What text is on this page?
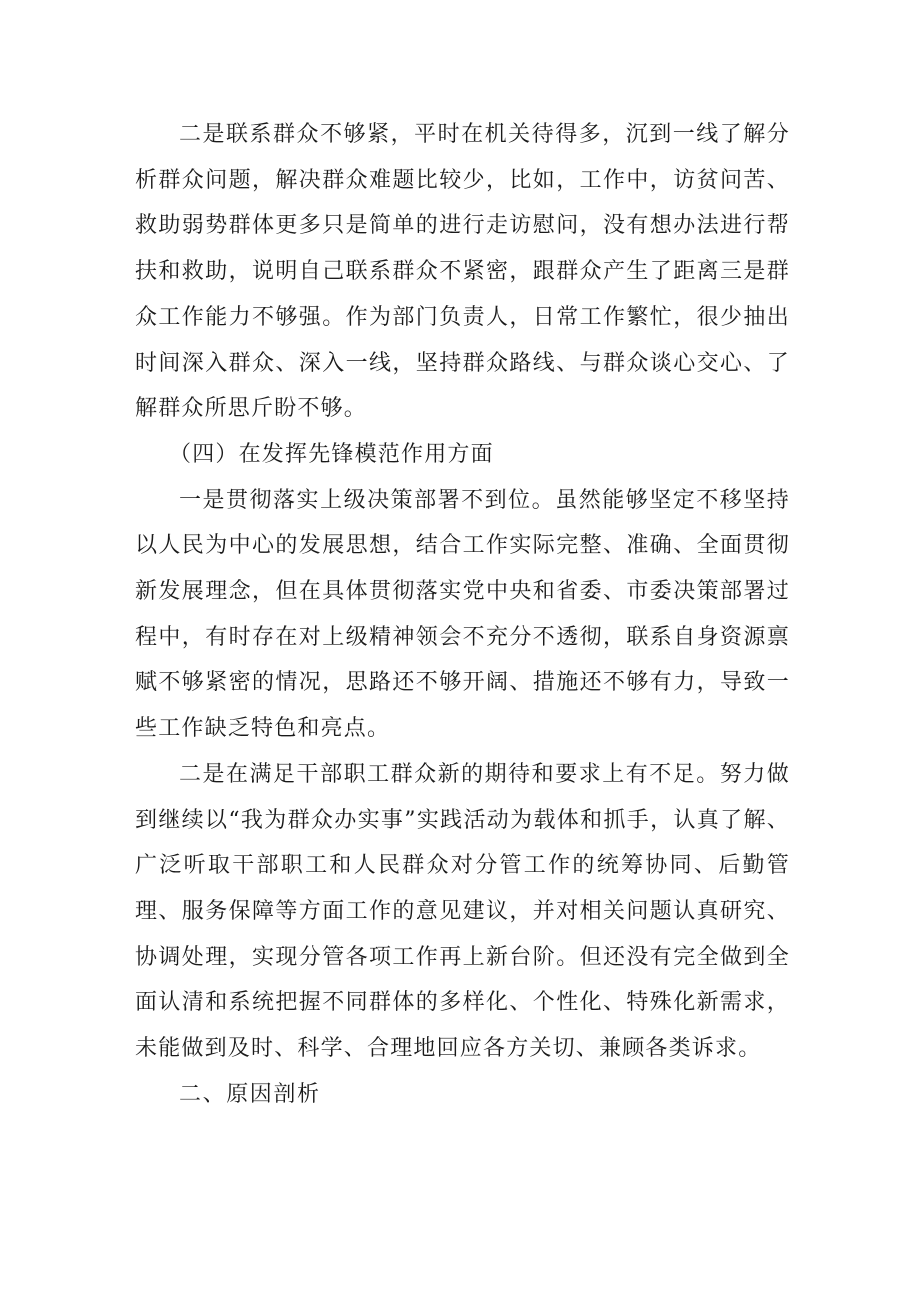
二是联系群众不够紧，平时在机关待得多，沉到一线了解分析群众问题，解决群众难题比较少，比如，工作中，访贫问苦、救助弱势群体更多只是简单的进行走访慰问，没有想办法进行帮扶和救助，说明自己联系群众不紧密，跟群众产生了距离三是群众工作能力不够强。作为部门负责人，日常工作繁忙，很少抽出时间深入群众、深入一线，坚持群众路线、与群众谈心交心、了解群众所思斤盼不够。

（四）在发挥先锋模范作用方面

一是贯彻落实上级决策部署不到位。虽然能够坚定不移坚持以人民为中心的发展思想，结合工作实际完整、准确、全面贯彻新发展理念，但在具体贯彻落实党中央和省委、市委决策部署过程中，有时存在对上级精神领会不充分不透彻，联系自身资源禀赋不够紧密的情况，思路还不够开阔、措施还不够有力，导致一些工作缺乏特色和亮点。

二是在满足干部职工群众新的期待和要求上有不足。努力做到继续以“我为群众办实事”实践活动为载体和抓手，认真了解、广泛听取干部职工和人民群众对分管工作的统筹协同、后勤管理、服务保障等方面工作的意见建议，并对相关问题认真研究、协调处理，实现分管各项工作再上新台阶。但还没有完全做到全面认清和系统把握不同群体的多样化、个性化、特殊化新需求，未能做到及时、科学、合理地回应各方关切、兼顾各类诉求。

二、原因剖析
